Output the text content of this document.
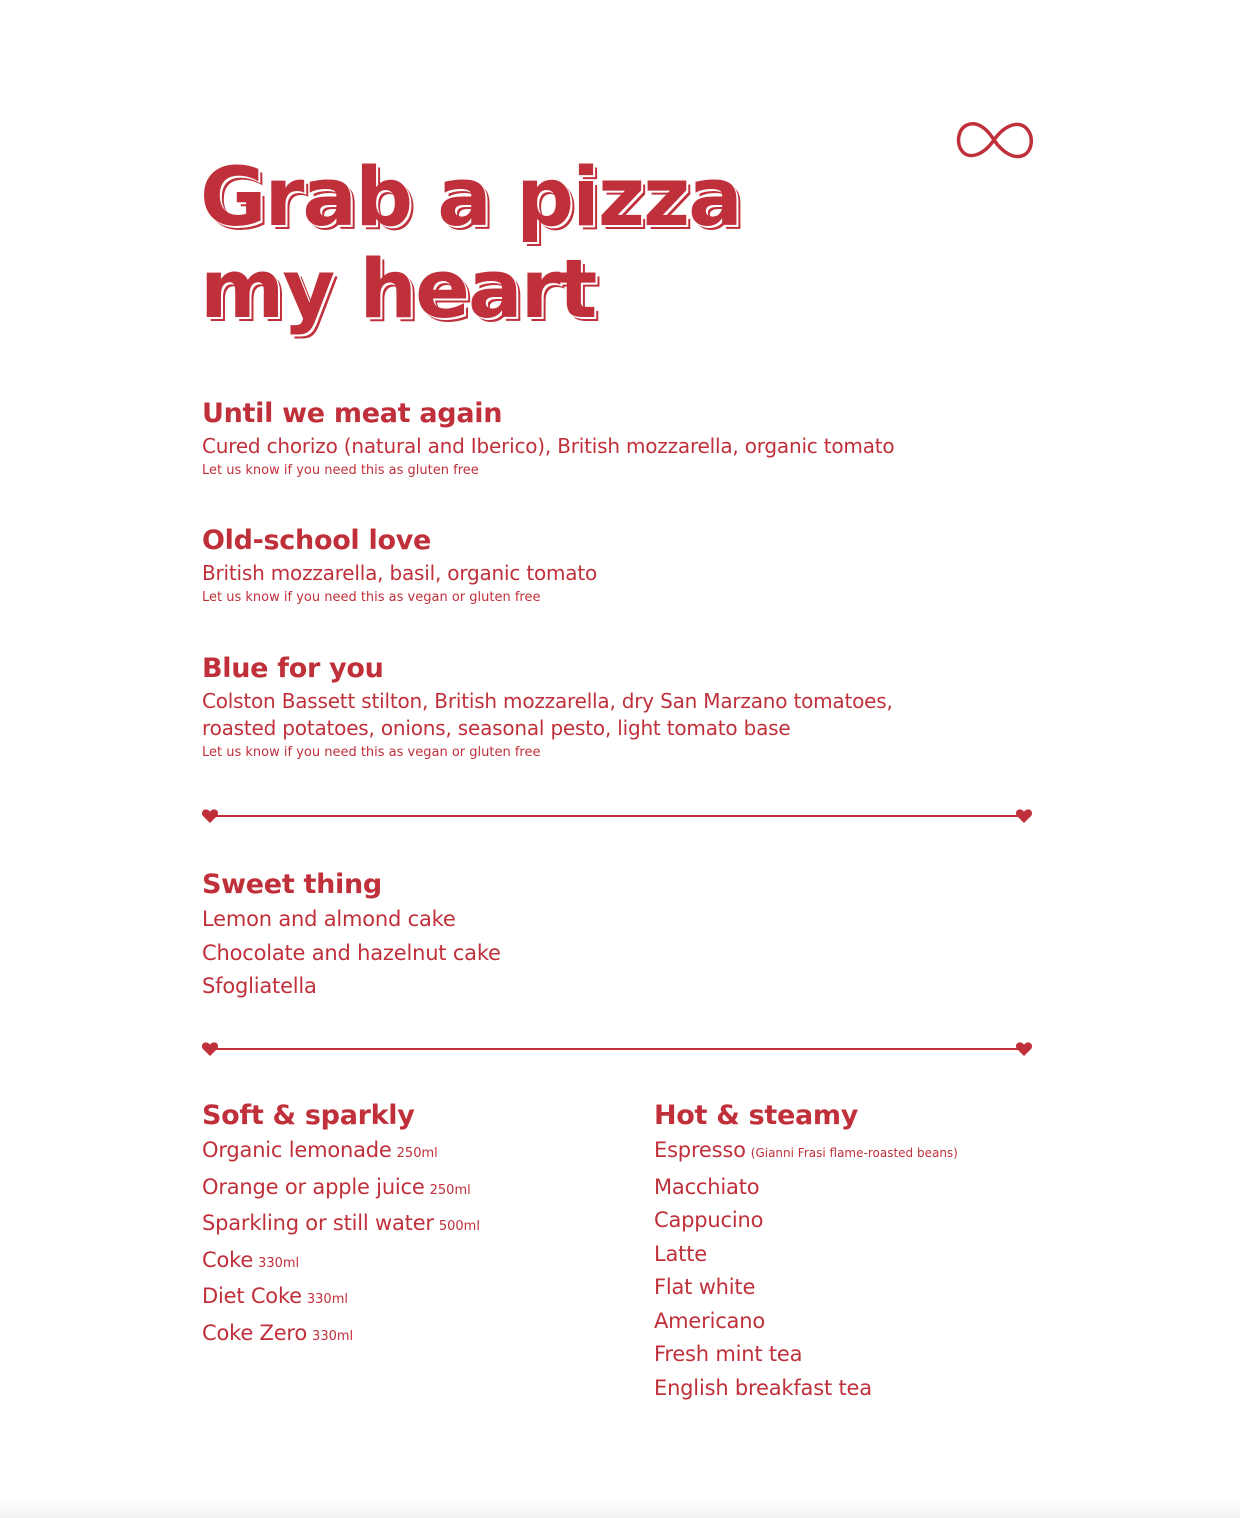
Grab a pizza
my heart

Until we meat again

Cured chorizo (natural and Iberico), British mozzarella, organic tomato

Let us know if you need this as gluten free

Old-school love

British mozzarella, basil, organic tomato

Let us know if you need this as vegan or gluten free

Blue for you

Colston Bassett stilton, British mozzarella, dry San Marzano tomatoes,

roasted potatoes, onions, seasonal pesto, light tomato base

Let us know if you need this as vegan or gluten free

Sweet thing

Lemon and almond cake
Chocolate and hazelnut cake
Sfogliatella

Soft & sparkly

Organic lemonade 250ml
Orange or apple juice 250ml
Sparkling or still water 500ml
Coke 330ml
Diet Coke 330ml
Coke Zero 330ml

Hot & steamy

Espresso (Gianni Frasi flame-roasted beans)
Macchiato
Cappucino
Latte
Flat white
Americano
Fresh mint tea
English breakfast tea
